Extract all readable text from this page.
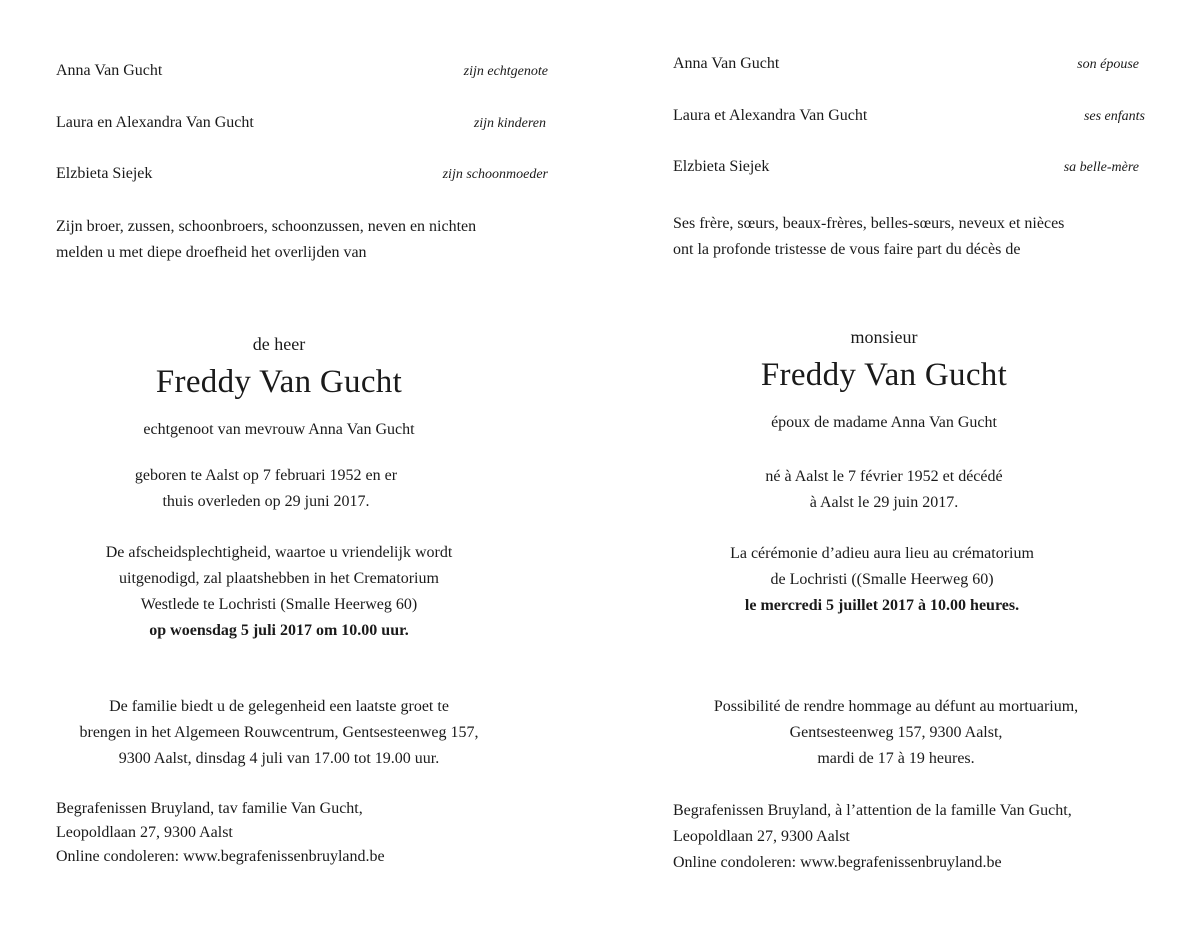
Anna Van Gucht	zijn echtgenote
Laura en Alexandra Van Gucht	zijn kinderen
Elzbieta Siejek	zijn schoonmoeder
Zijn broer, zussen, schoonbroers, schoonzussen, neven en nichten
melden u met diepe droefheid het overlijden van
de heer
Freddy Van Gucht
echtgenoot van mevrouw Anna Van Gucht
geboren te Aalst op 7 februari 1952 en er
thuis overleden op 29 juni 2017.
De afscheidsplechtigheid, waartoe u vriendelijk wordt
uitgenodigd, zal plaatshebben in het Crematorium
Westlede te Lochristi (Smalle Heerweg 60)
op woensdag 5 juli 2017 om 10.00 uur.
De familie biedt u de gelegenheid een laatste groet te
brengen in het Algemeen Rouwcentrum, Gentsesteenweg 157,
9300 Aalst, dinsdag 4 juli van 17.00 tot 19.00 uur.
Begrafenissen Bruyland, tav familie Van Gucht,
Leopoldlaan 27, 9300 Aalst
Online condoleren: www.begrafenissenbruyland.be
Anna Van Gucht	son épouse
Laura et Alexandra Van Gucht	ses enfants
Elzbieta Siejek	sa belle-mère
Ses frère, sœurs, beaux-frères, belles-sœurs, neveux et nièces
ont la profonde tristesse de vous faire part du décès de
monsieur
Freddy Van Gucht
époux de madame Anna Van Gucht
né à Aalst le 7 février 1952 et décédé
à Aalst le 29 juin 2017.
La cérémonie d’adieu aura lieu au crématorium
de Lochristi ((Smalle Heerweg 60)
le mercredi 5 juillet 2017 à 10.00 heures.
Possibilité de rendre hommage au défunt au mortuarium,
Gentsesteenweg 157, 9300 Aalst,
mardi de 17 à 19 heures.
Begrafenissen Bruyland, à l’attention de la famille Van Gucht,
Leopoldlaan 27, 9300 Aalst
Online condoleren: www.begrafenissenbruyland.be
